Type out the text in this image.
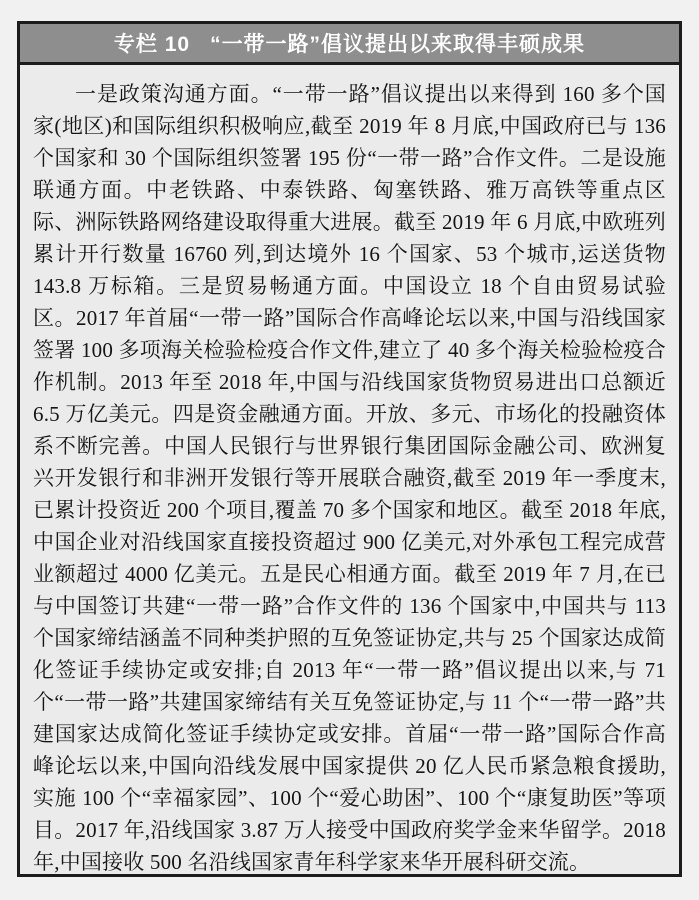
专栏 10 “一带一路”倡议提出以来取得丰硕成果

一是政策沟通方面。“一带一路”倡议提出以来得到 160 多个国家(地区)和国际组织积极响应,截至 2019 年 8 月底,中国政府已与 136 个国家和 30 个国际组织签署 195 份“一带一路”合作文件。二是设施联通方面。中老铁路、中泰铁路、匈塞铁路、雅万高铁等重点区际、洲际铁路网络建设取得重大进展。截至 2019 年 6 月底,中欧班列累计开行数量 16760 列,到达境外 16 个国家、53 个城市,运送货物 143.8 万标箱。三是贸易畅通方面。中国设立 18 个自由贸易试验区。2017 年首届“一带一路”国际合作高峰论坛以来,中国与沿线国家签署 100 多项海关检验检疫合作文件,建立了 40 多个海关检验检疫合作机制。2013 年至 2018 年,中国与沿线国家货物贸易进出口总额近 6.5 万亿美元。四是资金融通方面。开放、多元、市场化的投融资体系不断完善。中国人民银行与世界银行集团国际金融公司、欧洲复兴开发银行和非洲开发银行等开展联合融资,截至 2019 年一季度末,已累计投资近 200 个项目,覆盖 70 多个国家和地区。截至 2018 年底,中国企业对沿线国家直接投资超过 900 亿美元,对外承包工程完成营业额超过 4000 亿美元。五是民心相通方面。截至 2019 年 7 月,在已与中国签订共建“一带一路”合作文件的 136 个国家中,中国共与 113 个国家缔结涵盖不同种类护照的互免签证协定,共与 25 个国家达成简化签证手续协定或安排;自 2013 年“一带一路”倡议提出以来,与 71 个“一带一路”共建国家缔结有关互免签证协定,与 11 个“一带一路”共建国家达成简化签证手续协定或安排。首届“一带一路”国际合作高峰论坛以来,中国向沿线发展中国家提供 20 亿人民币紧急粮食援助,实施 100 个“幸福家园”、100 个“爱心助困”、100 个“康复助医”等项目。2017 年,沿线国家 3.87 万人接受中国政府奖学金来华留学。2018 年,中国接收 500 名沿线国家青年科学家来华开展科研交流。
